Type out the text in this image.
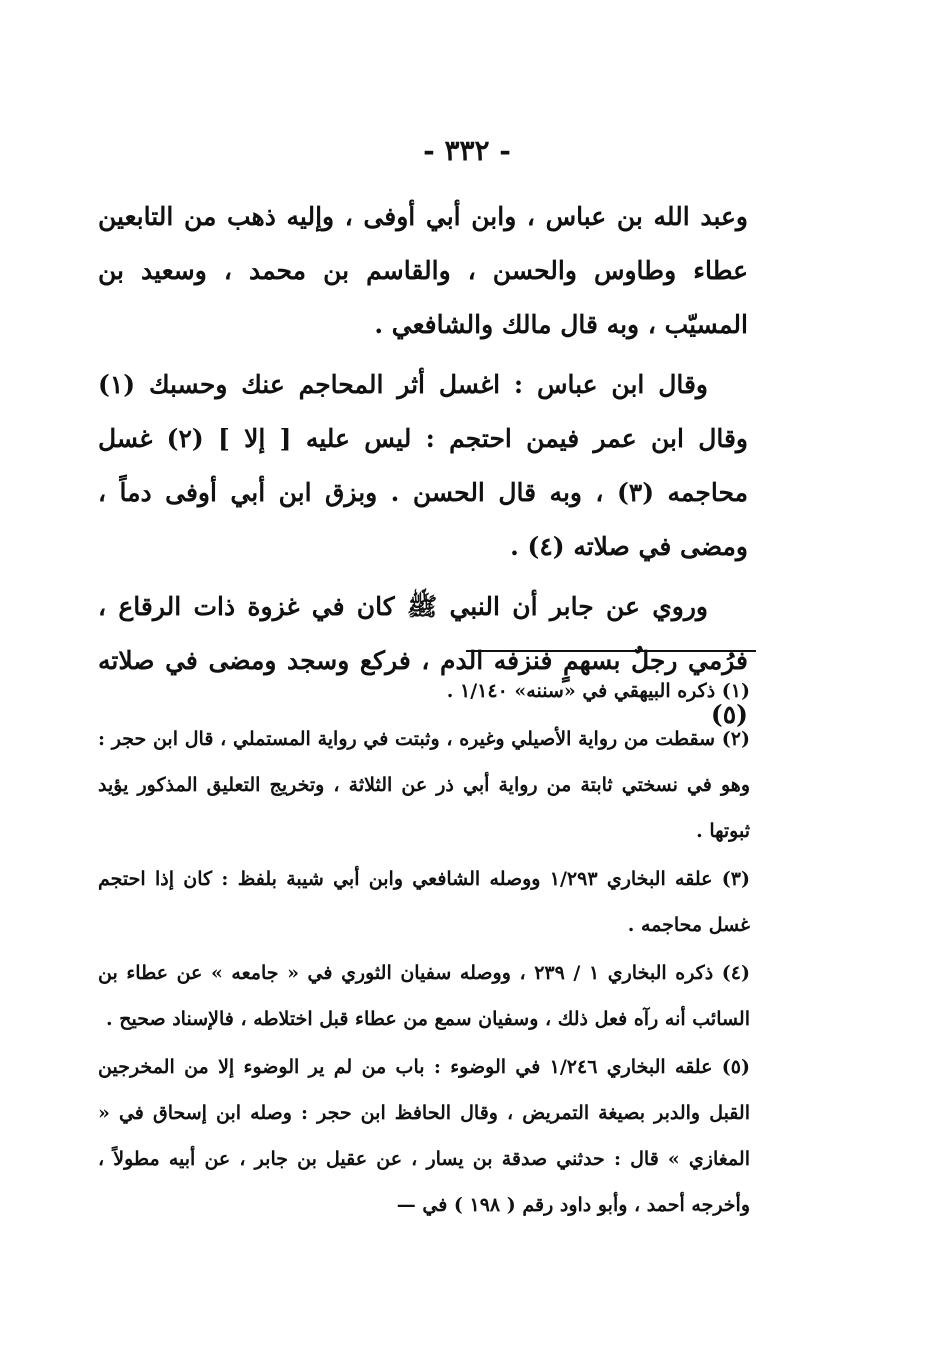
- ٣٣٢ -

وعبد الله بن عباس ، وابن أبي أوفى ، وإليه ذهب من التابعين عطاء وطاوس والحسن ، والقاسم بن محمد ، وسعيد بن المسيّب ، وبه قال مالك والشافعي .

وقال ابن عباس : اغسل أثر المحاجم عنك وحسبك (١) وقال ابن عمر فيمن احتجم : ليس عليه [ إلا ] (٢) غسل محاجمه (٣) ، وبه قال الحسن . وبزق ابن أبي أوفى دماً ، ومضى في صلاته (٤) .

وروي عن جابر أن النبي ﷺ كان في غزوة ذات الرقاع ، فرُمي رجلٌ بسهمٍ فنزفه الدم ، فركع وسجد ومضى في صلاته (٥)

(١) ذكره البيهقي في «سننه» ١/١٤٠ .
(٢) سقطت من رواية الأصيلي وغيره ، وثبتت في رواية المستملي ، قال ابن حجر : وهو في نسختي ثابتة من رواية أبي ذر عن الثلاثة ، وتخريج التعليق المذكور يؤيد ثبوتها .
(٣) علقه البخاري ١/٢٩٣ ووصله الشافعي وابن أبي شيبة بلفظ : كان إذا احتجم غسل محاجمه .
(٤) ذكره البخاري ١ / ٢٣٩ ، ووصله سفيان الثوري في « جامعه » عن عطاء بن السائب أنه رآه فعل ذلك ، وسفيان سمع من عطاء قبل اختلاطه ، فالإسناد صحيح .
(٥) علقه البخاري ١/٢٤٦ في الوضوء : باب من لم ير الوضوء إلا من المخرجين القبل والدبر بصيغة التمريض ، وقال الحافظ ابن حجر : وصله ابن إسحاق في « المغازي » قال : حدثني صدقة بن يسار ، عن عقيل بن جابر ، عن أبيه مطولاً ، وأخرجه أحمد ، وأبو داود رقم ( ١٩٨ ) في —
